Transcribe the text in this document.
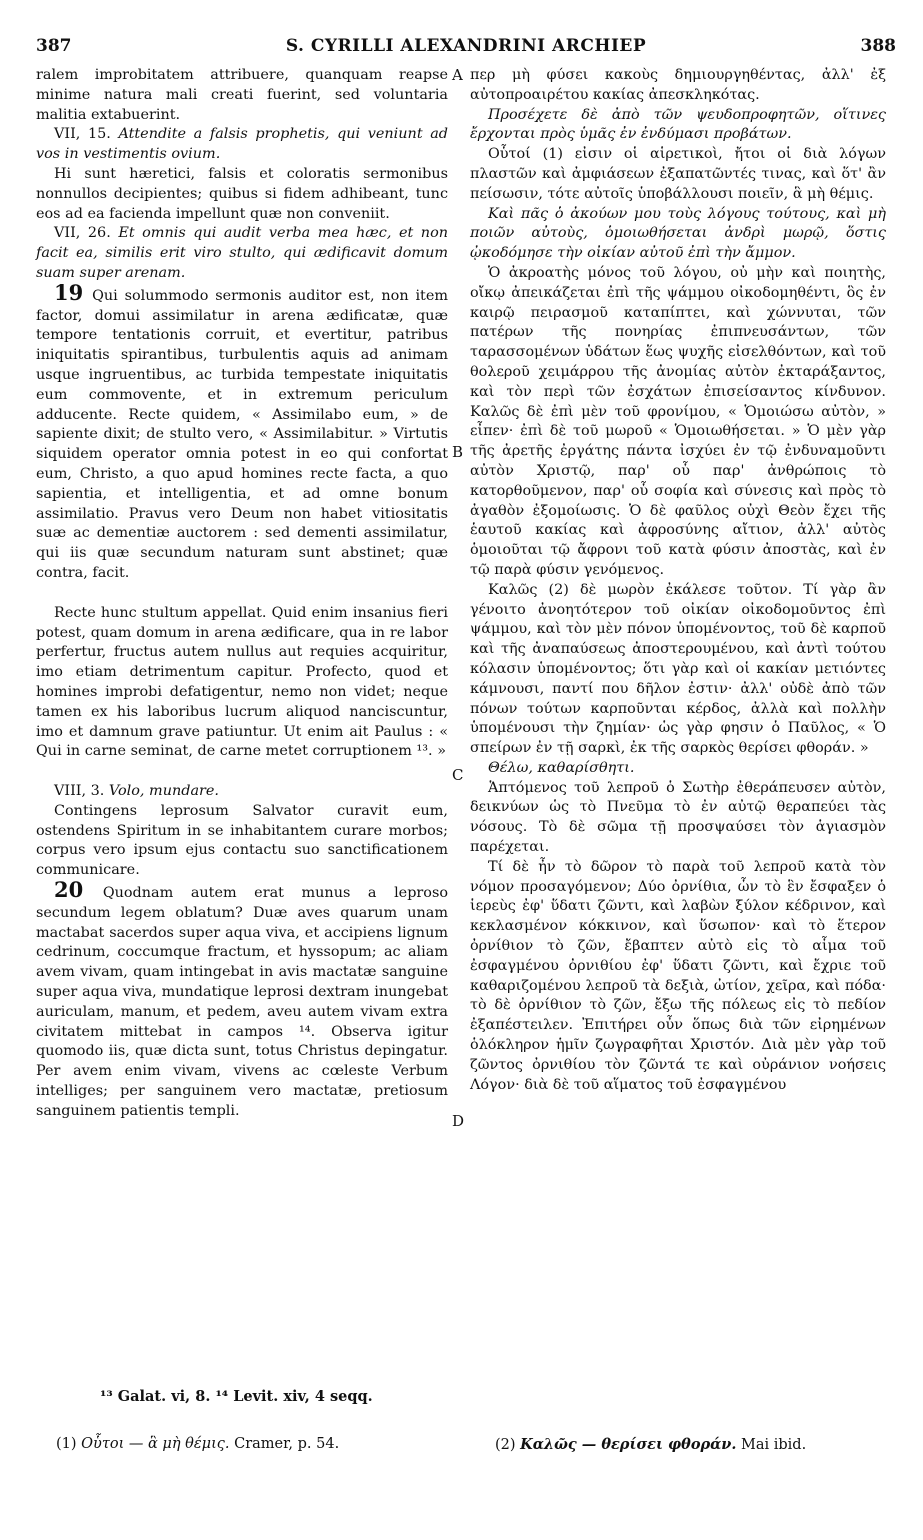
387	S. CYRILLI ALEXANDRINI ARCHIEP	388

ralem improbitatem attribuere, quanquam reapse minime natura mali creati fuerint, sed voluntaria malitia extabuerint.

VII, 15. Attendite a falsis prophetis, qui veniunt ad vos in vestimentis ovium.

Hi sunt hæretici, falsis et coloratis sermonibus nonnullos decipientes; quibus si fidem adhibeant, tunc eos ad ea facienda impellunt quæ non conveniit.

VII, 26. Et omnis qui audit verba mea hæc, et non facit ea, similis erit viro stulto, qui ædificavit domum suam super arenam.

19 Qui solummodo sermonis auditor est, non item factor, domui assimilatur in arena ædificatæ, quæ tempore tentationis corruit, et evertitur, patribus iniquitatis spirantibus, turbulentis aquis ad animam usque ingruentibus, ac turbida tempestate iniquitatis eum commovente, et in extremum periculum adducente. Recte quidem, « Assimilabo eum, » de sapiente dixit; de stulto vero, « Assimilabitur. » Virtutis siquidem operator omnia potest in eo qui confortat eum, Christo, a quo apud homines recte facta, a quo sapientia, et intelligentia, et ad omne bonum assimilatio. Pravus vero Deum non habet vitiositatis suæ ac dementiæ auctorem : sed dementi assimilatur, qui iis quæ secundum naturam sunt abstinet; quæ contra, facit.

Recte hunc stultum appellat. Quid enim insanius fieri potest, quam domum in arena ædificare, qua in re labor perfertur, fructus autem nullus aut requies acquiritur, imo etiam detrimentum capitur. Profecto, quod et homines improbi defatigentur, nemo non videt; neque tamen ex his laboribus lucrum aliquod nanciscuntur, imo et damnum grave patiuntur. Ut enim ait Paulus : « Qui in carne seminat, de carne metet corruptionem ¹³. »

VIII, 3. Volo, mundare.

Contingens leprosum Salvator curavit eum, ostendens Spiritum in se inhabitantem curare morbos; corpus vero ipsum ejus contactu suo sanctificationem communicare.

20 Quodnam autem erat munus a leproso secundum legem oblatum? Duæ aves quarum unam mactabat sacerdos super aqua viva, et accipiens lignum cedrinum, coccumque fractum, et hyssopum; ac aliam avem vivam, quam intingebat in avis mactatæ sanguine super aqua viva, mundatique leprosi dextram inungebat auriculam, manum, et pedem, aveu autem vivam extra civitatem mittebat in campos ¹⁴. Observa igitur quomodo iis, quæ dicta sunt, totus Christus depingatur. Per avem enim vivam, vivens ac cœleste Verbum intelliges; per sanguinem vero mactatæ, pretiosum sanguinem patientis templi.

περ μὴ φύσει κακοὺς δημιουργηθέντας, ἀλλ' ἐξ αὐτοπροαιρέτου κακίας ἀπεσκληκότας.

Προσέχετε δὲ ἀπὸ τῶν ψευδοπροφητῶν, οἵτινες ἔρχονται πρὸς ὑμᾶς ἐν ἐνδύμασι προβάτων.

Οὗτοί (1) εἰσιν οἱ αἱρετικοὶ, ἤτοι οἱ διὰ λόγων πλαστῶν καὶ ἀμφιάσεων ἐξαπατῶντές τινας, καὶ ὅτ' ἂν πείσωσιν, τότε αὐτοῖς ὑποβάλλουσι ποιεῖν, ἃ μὴ θέμις.

Καὶ πᾶς ὁ ἀκούων μου τοὺς λόγους τούτους, καὶ μὴ ποιῶν αὐτοὺς, ὁμοιωθήσεται ἀνδρὶ μωρῷ, ὅστις ᾠκοδόμησε τὴν οἰκίαν αὐτοῦ ἐπὶ τὴν ἄμμον.

Ὁ ἀκροατὴς μόνος τοῦ λόγου, οὐ μὴν καὶ ποιητὴς, οἴκῳ ἀπεικάζεται ἐπὶ τῆς ψάμμου οἰκοδομηθέντι, ὃς ἐν καιρῷ πειρασμοῦ καταπίπτει, καὶ χώννυται, τῶν πατέρων τῆς πονηρίας ἐπιπνευσάντων, τῶν ταρασσομένων ὑδάτων ἕως ψυχῆς εἰσελθόντων, καὶ τοῦ θολεροῦ χειμάρρου τῆς ἀνομίας αὐτὸν ἐκταράξαντος, καὶ τὸν περὶ τῶν ἐσχάτων ἐπισείσαντος κίνδυνον. Καλῶς δὲ ἐπὶ μὲν τοῦ φρονίμου, « Ὁμοιώσω αὐτὸν, » εἶπεν· ἐπὶ δὲ τοῦ μωροῦ « Ὁμοιωθήσεται. » Ὁ μὲν γὰρ τῆς ἀρετῆς ἐργάτης πάντα ἰσχύει ἐν τῷ ἐνδυναμοῦντι αὐτὸν Χριστῷ, παρ' οὗ παρ' ἀνθρώποις τὸ κατορθοῦμενον, παρ' οὗ σοφία καὶ σύνεσις καὶ πρὸς τὸ ἀγαθὸν ἐξομοίωσις. Ὁ δὲ φαῦλος οὐχὶ Θεὸν ἔχει τῆς ἑαυτοῦ κακίας καὶ ἀφροσύνης αἴτιον, ἀλλ' αὐτὸς ὁμοιοῦται τῷ ἄφρονι τοῦ κατὰ φύσιν ἀποστὰς, καὶ ἐν τῷ παρὰ φύσιν γενόμενος.

Καλῶς (2) δὲ μωρὸν ἐκάλεσε τοῦτον. Τί γὰρ ἂν γένοιτο ἀνοητότερον τοῦ οἰκίαν οἰκοδομοῦντος ἐπὶ ψάμμου, καὶ τὸν μὲν πόνον ὑπομένοντος, τοῦ δὲ καρποῦ καὶ τῆς ἀναπαύσεως ἀποστερουμένου, καὶ ἀντὶ τούτου κόλασιν ὑπομένοντος; ὅτι γὰρ καὶ οἱ κακίαν μετιόντες κάμνουσι, παντί που δῆλον ἐστιν· ἀλλ' οὐδὲ ἀπὸ τῶν πόνων τούτων καρποῦνται κέρδος, ἀλλὰ καὶ πολλὴν ὑπομένουσι τὴν ζημίαν· ὡς γὰρ φησιν ὁ Παῦλος, « Ὁ σπείρων ἐν τῇ σαρκὶ, ἐκ τῆς σαρκὸς θερίσει φθοράν. »

Θέλω, καθαρίσθητι.

Ἁπτόμενος τοῦ λεπροῦ ὁ Σωτὴρ ἐθεράπευσεν αὐτὸν, δεικνύων ὡς τὸ Πνεῦμα τὸ ἐν αὐτῷ θεραπεύει τὰς νόσους. Τὸ δὲ σῶμα τῇ προσψαύσει τὸν ἁγιασμὸν παρέχεται.

Τί δὲ ἦν τὸ δῶρον τὸ παρὰ τοῦ λεπροῦ κατὰ τὸν νόμον προσαγόμενον; Δύο ὀρνίθια, ὧν τὸ ἓν ἔσφαξεν ὁ ἱερεὺς ἐφ' ὕδατι ζῶντι, καὶ λαβὼν ξύλον κέδρινον, καὶ κεκλασμένον κόκκινον, καὶ ὕσωπον· καὶ τὸ ἕτερον ὀρνίθιον τὸ ζῶν, ἔβαπτεν αὐτὸ εἰς τὸ αἷμα τοῦ ἐσφαγμένου ὀρνιθίου ἐφ' ὕδατι ζῶντι, καὶ ἔχριε τοῦ καθαριζομένου λεπροῦ τὰ δεξιὰ, ὠτίον, χεῖρα, καὶ πόδα· τὸ δὲ ὀρνίθιον τὸ ζῶν, ἔξω τῆς πόλεως εἰς τὸ πεδίον ἐξαπέστειλεν. Ἐπιτήρει οὖν ὅπως διὰ τῶν εἰρημένων ὁλόκληρον ἡμῖν ζωγραφῆται Χριστόν. Διὰ μὲν γὰρ τοῦ ζῶντος ὀρνιθίου τὸν ζῶντά τε καὶ οὐράνιον νοήσεις Λόγον· διὰ δὲ τοῦ αἵματος τοῦ ἐσφαγμένου

A
B
C
D
¹³ Galat. vi, 8. ¹⁴ Levit. xiv, 4 seqq.
(1) Οὗτοι — ἃ μὴ θέμις. Cramer, p. 54.	(2) Καλῶς — θερίσει φθοράν. Mai ibid.
